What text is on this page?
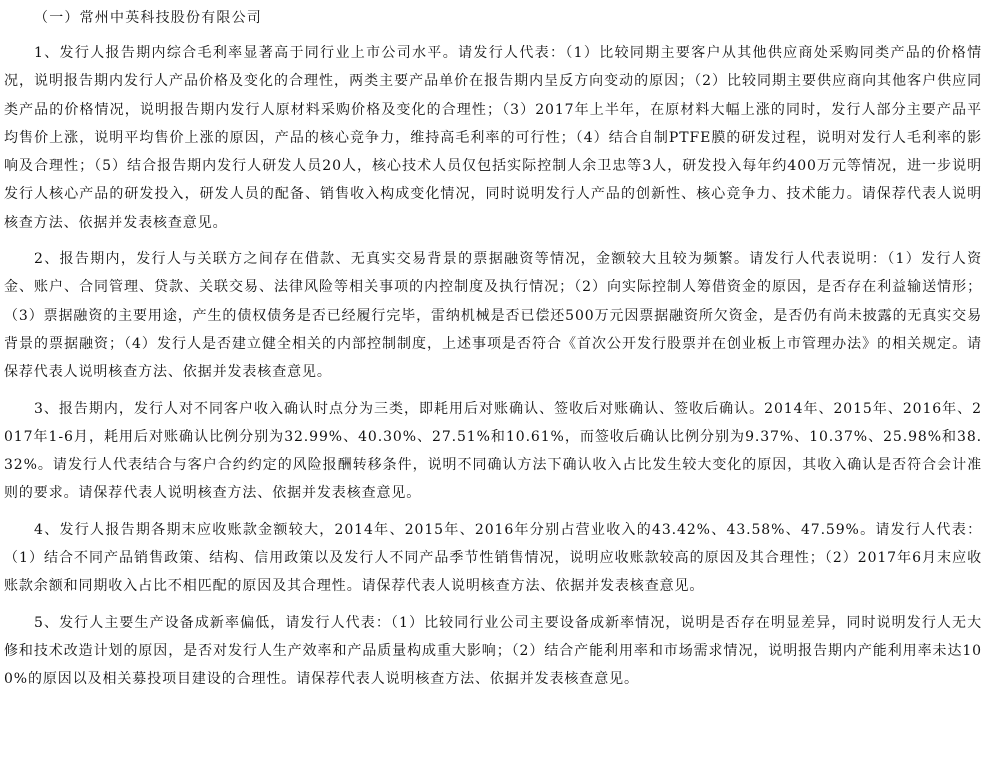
（一）常州中英科技股份有限公司

1、发行人报告期内综合毛利率显著高于同行业上市公司水平。请发行人代表：（1）比较同期主要客户从其他供应商处采购同类产品的价格情况，说明报告期内发行人产品价格及变化的合理性，两类主要产品单价在报告期内呈反方向变动的原因；（2）比较同期主要供应商向其他客户供应同类产品的价格情况，说明报告期内发行人原材料采购价格及变化的合理性；（3）2017年上半年，在原材料大幅上涨的同时，发行人部分主要产品平均售价上涨，说明平均售价上涨的原因，产品的核心竞争力，维持高毛利率的可行性；（4）结合自制PTFE膜的研发过程，说明对发行人毛利率的影响及合理性；（5）结合报告期内发行人研发人员20人，核心技术人员仅包括实际控制人余卫忠等3人，研发投入每年约400万元等情况，进一步说明发行人核心产品的研发投入，研发人员的配备、销售收入构成变化情况，同时说明发行人产品的创新性、核心竞争力、技术能力。请保荐代表人说明核查方法、依据并发表核查意见。

2、报告期内，发行人与关联方之间存在借款、无真实交易背景的票据融资等情况，金额较大且较为频繁。请发行人代表说明：（1）发行人资金、账户、合同管理、贷款、关联交易、法律风险等相关事项的内控制度及执行情况；（2）向实际控制人筹借资金的原因，是否存在利益输送情形；（3）票据融资的主要用途，产生的债权债务是否已经履行完毕，雷纳机械是否已偿还500万元因票据融资所欠资金，是否仍有尚未披露的无真实交易背景的票据融资；（4）发行人是否建立健全相关的内部控制制度，上述事项是否符合《首次公开发行股票并在创业板上市管理办法》的相关规定。请保荐代表人说明核查方法、依据并发表核查意见。

3、报告期内，发行人对不同客户收入确认时点分为三类，即耗用后对账确认、签收后对账确认、签收后确认。2014年、2015年、2016年、2017年1-6月，耗用后对账确认比例分别为32.99%、40.30%、27.51%和10.61%，而签收后确认比例分别为9.37%、10.37%、25.98%和38.32%。请发行人代表结合与客户合约约定的风险报酬转移条件，说明不同确认方法下确认收入占比发生较大变化的原因，其收入确认是否符合会计准则的要求。请保荐代表人说明核查方法、依据并发表核查意见。

4、发行人报告期各期末应收账款金额较大，2014年、2015年、2016年分别占营业收入的43.42%、43.58%、47.59%。请发行人代表：（1）结合不同产品销售政策、结构、信用政策以及发行人不同产品季节性销售情况，说明应收账款较高的原因及其合理性；（2）2017年6月末应收账款余额和同期收入占比不相匹配的原因及其合理性。请保荐代表人说明核查方法、依据并发表核查意见。

5、发行人主要生产设备成新率偏低，请发行人代表：（1）比较同行业公司主要设备成新率情况，说明是否存在明显差异，同时说明发行人无大修和技术改造计划的原因，是否对发行人生产效率和产品质量构成重大影响；（2）结合产能利用率和市场需求情况，说明报告期内产能利用率未达100%的原因以及相关募投项目建设的合理性。请保荐代表人说明核查方法、依据并发表核查意见。
